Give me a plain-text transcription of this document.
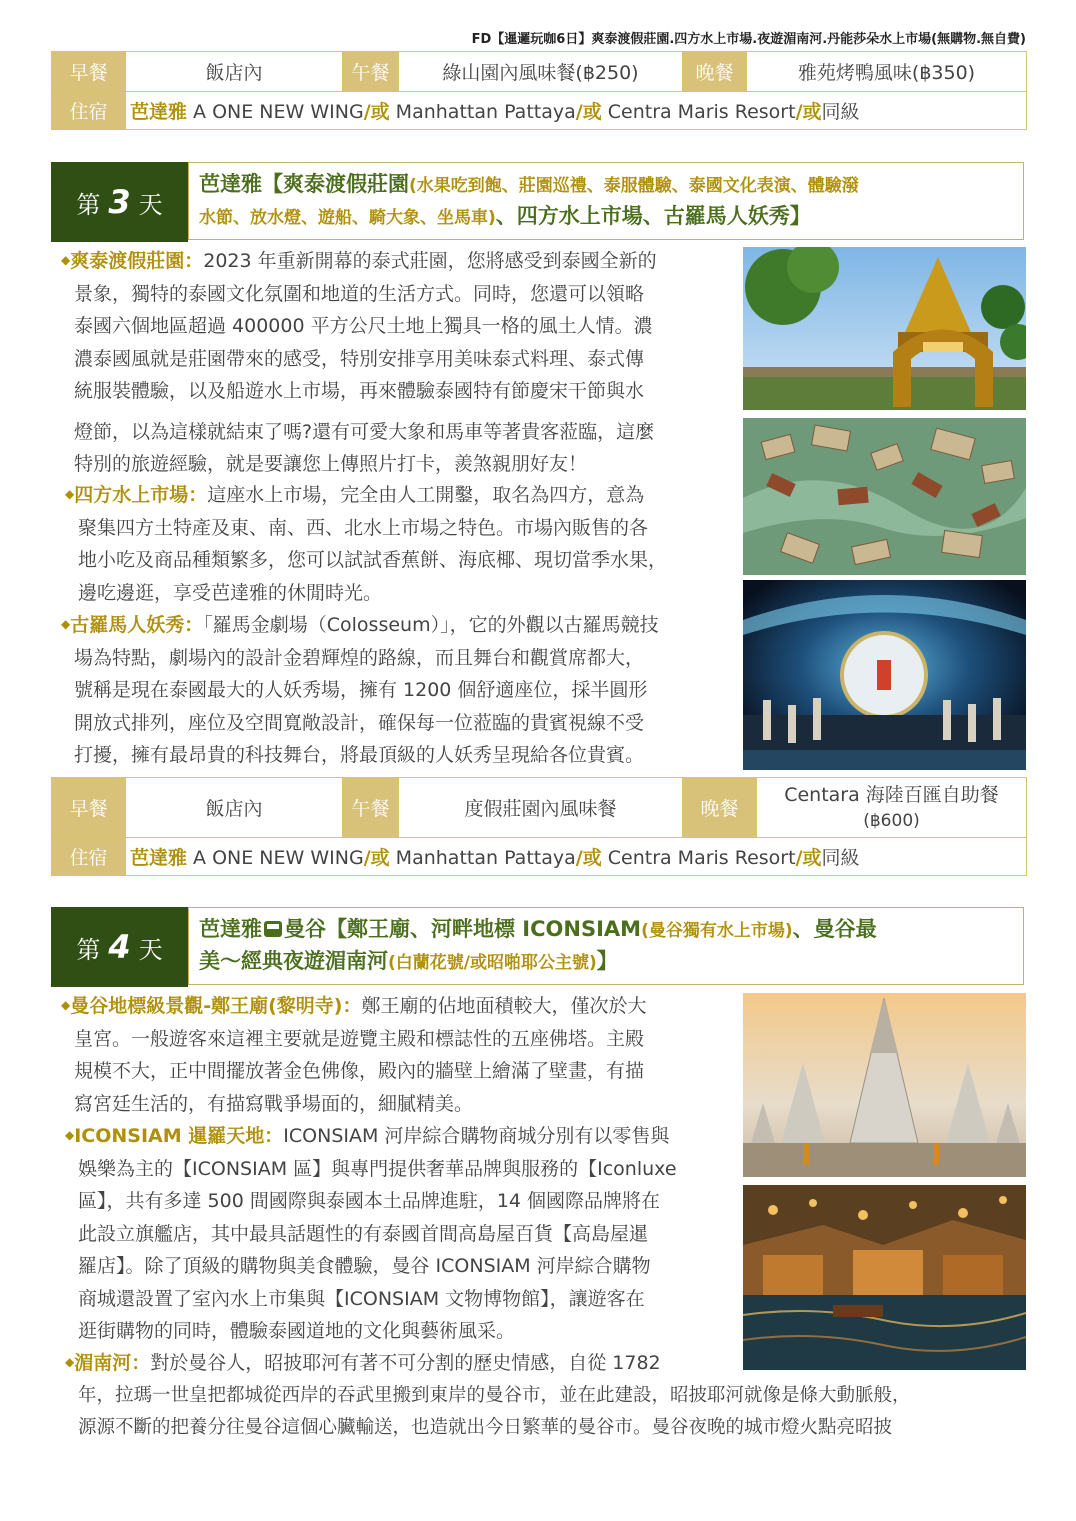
FD【暹邏玩咖6日】爽泰渡假莊園.四方水上市場.夜遊湄南河.丹能莎朵水上市場(無購物.無自費)
早餐	飯店內	午餐	綠山園內風味餐(฿250)	晚餐	雅苑烤鴨風味(฿350)
住宿	芭達雅 A ONE NEW WING/或 Manhattan Pattaya/或 Centra Maris Resort/或同級				
第 3 天
芭達雅【爽泰渡假莊園(水果吃到飽、莊園巡禮、泰服體驗、泰國文化表演、體驗潑
水節、放水燈、遊船、騎大象、坐馬車)、四方水上市場、古羅馬人妖秀】
◆爽泰渡假莊園：2023 年重新開幕的泰式莊園，您將感受到泰國全新的
景象，獨特的泰國文化氛圍和地道的生活方式。同時，您還可以領略
泰國六個地區超過 400000 平方公尺土地上獨具一格的風土人情。濃
濃泰國風就是莊園帶來的感受，特別安排享用美味泰式料理、泰式傳
統服裝體驗，以及船遊水上市場，再來體驗泰國特有節慶宋干節與水
燈節，以為這樣就結束了嗎?還有可愛大象和馬車等著貴客蒞臨，這麼
特別的旅遊經驗，就是要讓您上傳照片打卡，羨煞親朋好友！
◆四方水上市場：這座水上市場，完全由人工開鑿，取名為四方，意為
聚集四方土特產及東、南、西、北水上市場之特色。市場內販售的各
地小吃及商品種類繁多，您可以試試香蕉餅、海底椰、現切當季水果，
邊吃邊逛，享受芭達雅的休閒時光。
◆古羅馬人妖秀：「羅馬金劇場（Colosseum）」，它的外觀以古羅馬競技
場為特點，劇場內的設計金碧輝煌的路線，而且舞台和觀賞席都大，
號稱是現在泰國最大的人妖秀場，擁有 1200 個舒適座位，採半圓形
開放式排列，座位及空間寬敞設計，確保每一位蒞臨的貴賓視線不受
打擾，擁有最昂貴的科技舞台，將最頂級的人妖秀呈現給各位貴賓。
早餐	飯店內	午餐	度假莊園內風味餐	晚餐	Centara 海陸百匯自助餐
(฿600)

住宿	芭達雅 A ONE NEW WING/或 Manhattan Pattaya/或 Centra Maris Resort/或同級				
第 4 天
芭達雅 曼谷【鄭王廟、河畔地標 ICONSIAM(曼谷獨有水上市場)、曼谷最
美～經典夜遊湄南河(白蘭花號/或昭啪耶公主號)】
◆曼谷地標級景觀-鄭王廟(黎明寺)：鄭王廟的佔地面積較大，僅次於大
皇宮。一般遊客來這裡主要就是遊覽主殿和標誌性的五座佛塔。主殿
規模不大，正中間擺放著金色佛像，殿內的牆壁上繪滿了壁畫，有描
寫宮廷生活的，有描寫戰爭場面的，細膩精美。
◆ICONSIAM 暹羅天地：ICONSIAM 河岸綜合購物商城分別有以零售與
娛樂為主的【ICONSIAM 區】與專門提供奢華品牌與服務的【Iconluxe
區】，共有多達 500 間國際與泰國本土品牌進駐，14 個國際品牌將在
此設立旗艦店，其中最具話題性的有泰國首間高島屋百貨【高島屋暹
羅店】。除了頂級的購物與美食體驗，曼谷 ICONSIAM 河岸綜合購物
商城還設置了室內水上市集與【ICONSIAM 文物博物館】，讓遊客在
逛街購物的同時，體驗泰國道地的文化與藝術風采。
◆湄南河：對於曼谷人，昭披耶河有著不可分割的歷史情感，自從 1782
年，拉瑪一世皇把都城從西岸的吞武里搬到東岸的曼谷市，並在此建設，昭披耶河就像是條大動脈般，
源源不斷的把養分往曼谷這個心臟輸送，也造就出今日繁華的曼谷市。曼谷夜晚的城市燈火點亮昭披
